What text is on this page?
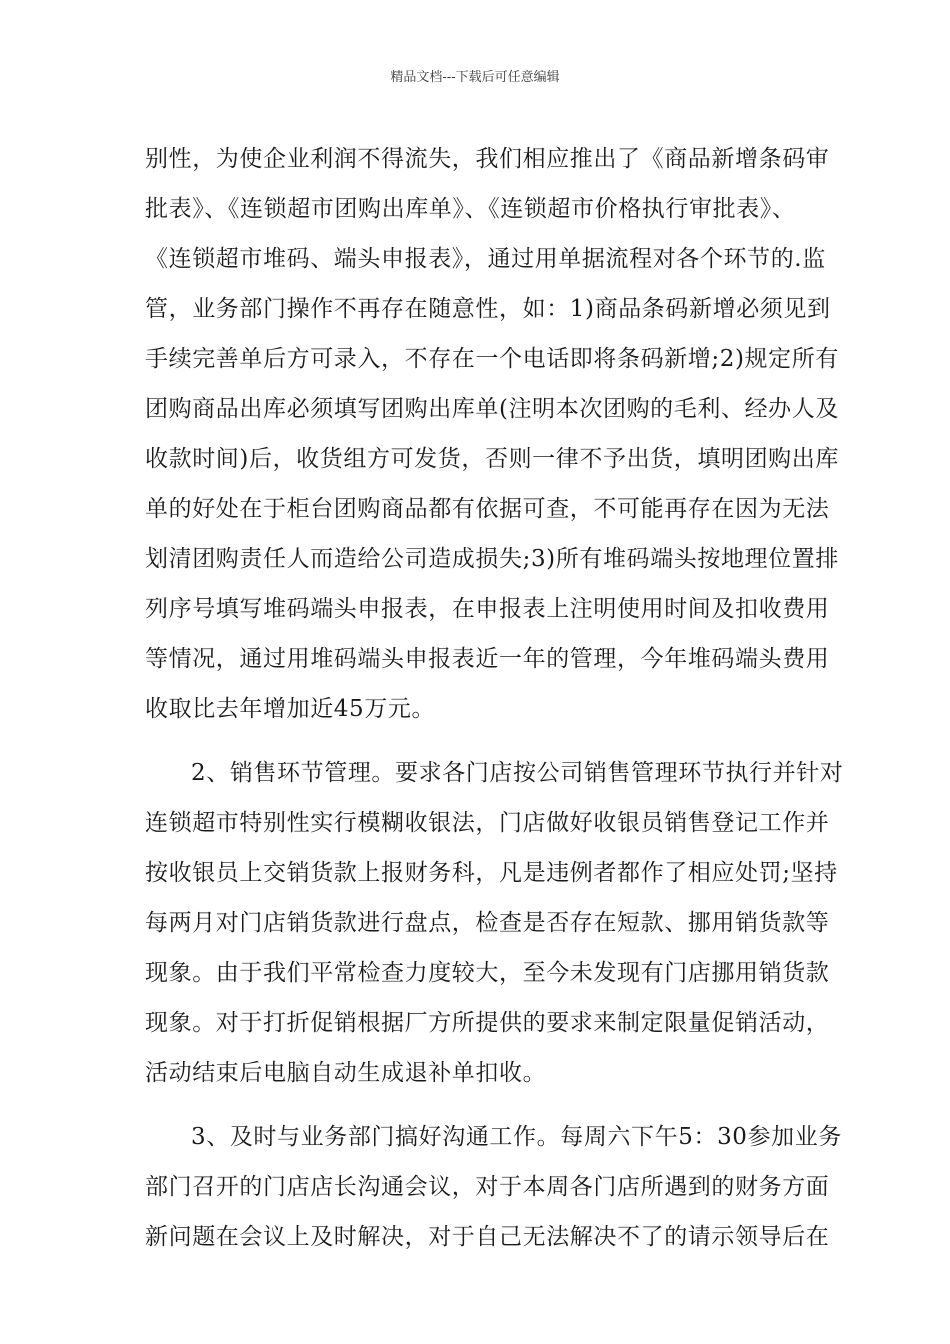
精品文档---下载后可任意编辑
别性，为使企业利润不得流失，我们相应推出了《商品新增条码审
批表》、《连锁超市团购出库单》、《连锁超市价格执行审批表》、
《连锁超市堆码、端头申报表》，通过用单据流程对各个环节的.监
管，业务部门操作不再存在随意性，如：1)商品条码新增必须见到
手续完善单后方可录入，不存在一个电话即将条码新增;2)规定所有
团购商品出库必须填写团购出库单(注明本次团购的毛利、经办人及
收款时间)后，收货组方可发货，否则一律不予出货，填明团购出库
单的好处在于柜台团购商品都有依据可查，不可能再存在因为无法
划清团购责任人而造给公司造成损失;3)所有堆码端头按地理位置排
列序号填写堆码端头申报表，在申报表上注明使用时间及扣收费用
等情况，通过用堆码端头申报表近一年的管理，今年堆码端头费用
收取比去年增加近45万元。
2、销售环节管理。要求各门店按公司销售管理环节执行并针对
连锁超市特别性实行模糊收银法，门店做好收银员销售登记工作并
按收银员上交销货款上报财务科，凡是违例者都作了相应处罚;坚持
每两月对门店销货款进行盘点，检查是否存在短款、挪用销货款等
现象。由于我们平常检查力度较大，至今未发现有门店挪用销货款
现象。对于打折促销根据厂方所提供的要求来制定限量促销活动，
活动结束后电脑自动生成退补单扣收。
3、及时与业务部门搞好沟通工作。每周六下午5：30参加业务
部门召开的门店店长沟通会议，对于本周各门店所遇到的财务方面
新问题在会议上及时解决，对于自己无法解决不了的请示领导后在
